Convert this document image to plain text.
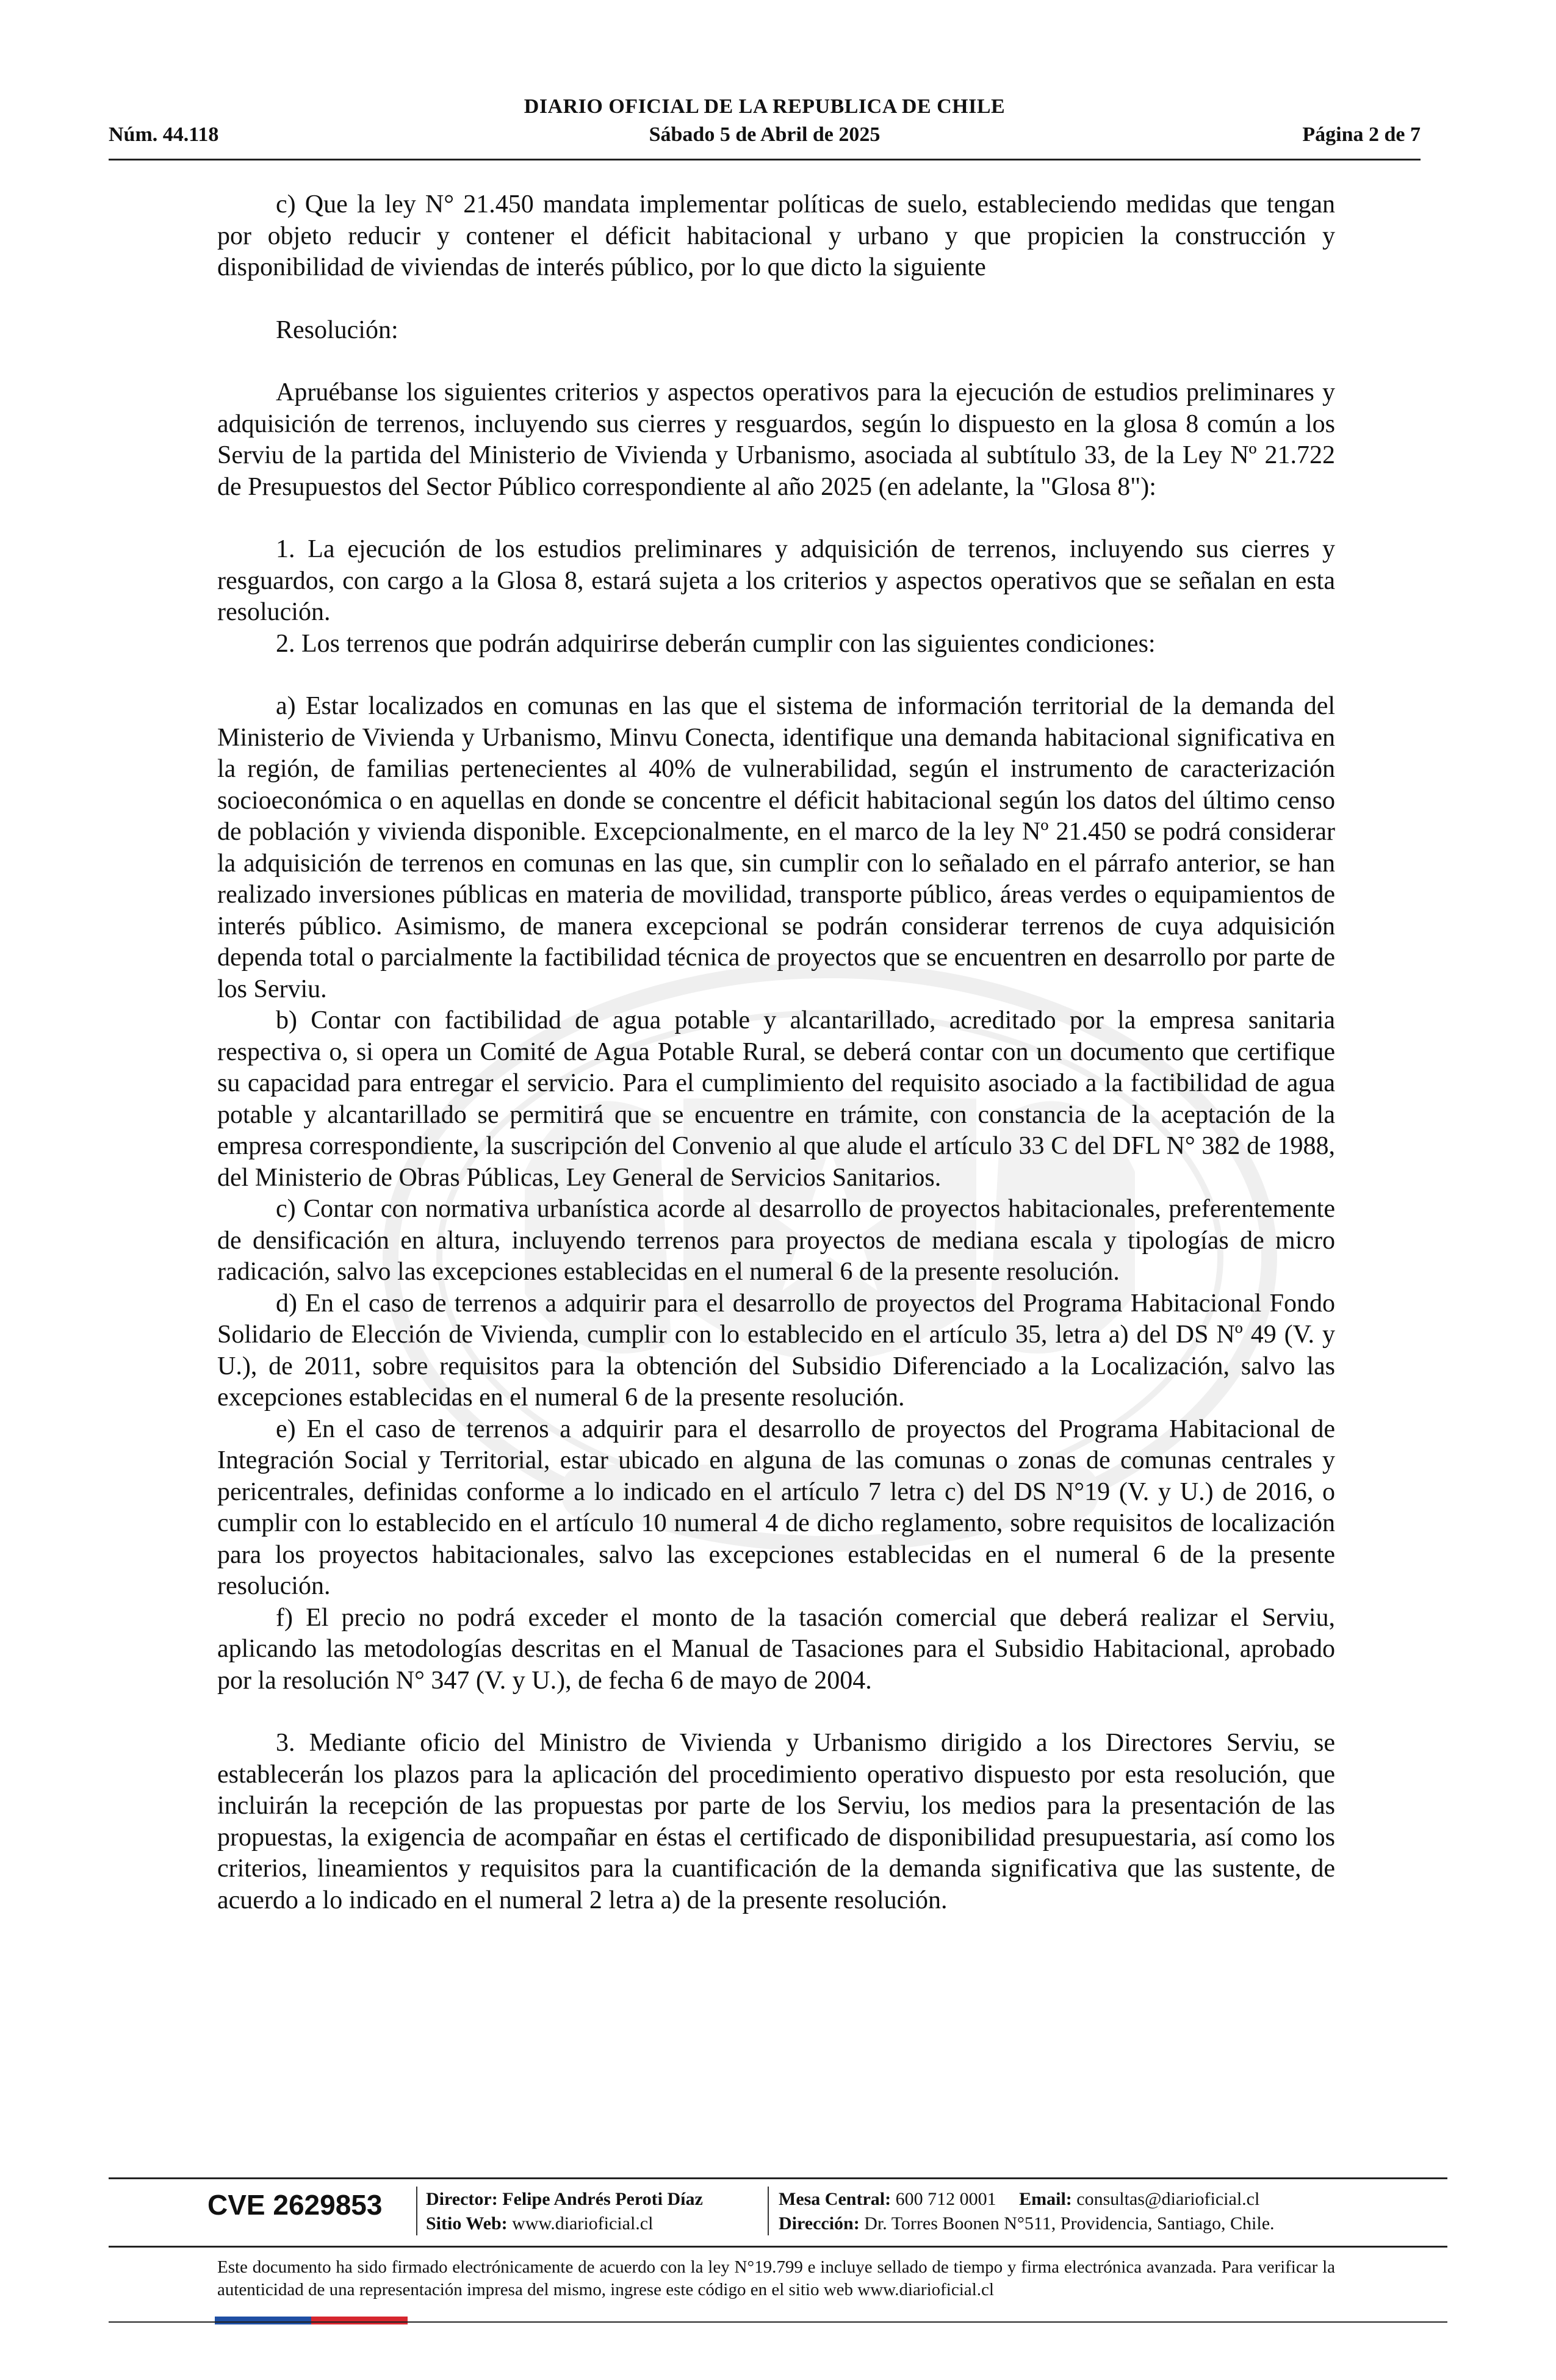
DIARIO OFICIAL DE LA REPUBLICA DE CHILE
Núm. 44.118	Sábado 5 de Abril de 2025	Página 2 de 7

c) Que la ley N° 21.450 mandata implementar políticas de suelo, estableciendo medidas que tengan por objeto reducir y contener el déficit habitacional y urbano y que propicien la construcción y disponibilidad de viviendas de interés público, por lo que dicto la siguiente

Resolución:

Apruébanse los siguientes criterios y aspectos operativos para la ejecución de estudios preliminares y adquisición de terrenos, incluyendo sus cierres y resguardos, según lo dispuesto en la glosa 8 común a los Serviu de la partida del Ministerio de Vivienda y Urbanismo, asociada al subtítulo 33, de la Ley Nº 21.722 de Presupuestos del Sector Público correspondiente al año 2025 (en adelante, la "Glosa 8"):

1. La ejecución de los estudios preliminares y adquisición de terrenos, incluyendo sus cierres y resguardos, con cargo a la Glosa 8, estará sujeta a los criterios y aspectos operativos que se señalan en esta resolución.

2. Los terrenos que podrán adquirirse deberán cumplir con las siguientes condiciones:

a) Estar localizados en comunas en las que el sistema de información territorial de la demanda del Ministerio de Vivienda y Urbanismo, Minvu Conecta, identifique una demanda habitacional significativa en la región, de familias pertenecientes al 40% de vulnerabilidad, según el instrumento de caracterización socioeconómica o en aquellas en donde se concentre el déficit habitacional según los datos del último censo de población y vivienda disponible. Excepcionalmente, en el marco de la ley Nº 21.450 se podrá considerar la adquisición de terrenos en comunas en las que, sin cumplir con lo señalado en el párrafo anterior, se han realizado inversiones públicas en materia de movilidad, transporte público, áreas verdes o equipamientos de interés público. Asimismo, de manera excepcional se podrán considerar terrenos de cuya adquisición dependa total o parcialmente la factibilidad técnica de proyectos que se encuentren en desarrollo por parte de los Serviu.

b) Contar con factibilidad de agua potable y alcantarillado, acreditado por la empresa sanitaria respectiva o, si opera un Comité de Agua Potable Rural, se deberá contar con un documento que certifique su capacidad para entregar el servicio. Para el cumplimiento del requisito asociado a la factibilidad de agua potable y alcantarillado se permitirá que se encuentre en trámite, con constancia de la aceptación de la empresa correspondiente, la suscripción del Convenio al que alude el artículo 33 C del DFL N° 382 de 1988, del Ministerio de Obras Públicas, Ley General de Servicios Sanitarios.

c) Contar con normativa urbanística acorde al desarrollo de proyectos habitacionales, preferentemente de densificación en altura, incluyendo terrenos para proyectos de mediana escala y tipologías de micro radicación, salvo las excepciones establecidas en el numeral 6 de la presente resolución.

d) En el caso de terrenos a adquirir para el desarrollo de proyectos del Programa Habitacional Fondo Solidario de Elección de Vivienda, cumplir con lo establecido en el artículo 35, letra a) del DS Nº 49 (V. y U.), de 2011, sobre requisitos para la obtención del Subsidio Diferenciado a la Localización, salvo las excepciones establecidas en el numeral 6 de la presente resolución.

e) En el caso de terrenos a adquirir para el desarrollo de proyectos del Programa Habitacional de Integración Social y Territorial, estar ubicado en alguna de las comunas o zonas de comunas centrales y pericentrales, definidas conforme a lo indicado en el artículo 7 letra c) del DS N°19 (V. y U.) de 2016, o cumplir con lo establecido en el artículo 10 numeral 4 de dicho reglamento, sobre requisitos de localización para los proyectos habitacionales, salvo las excepciones establecidas en el numeral 6 de la presente resolución.

f) El precio no podrá exceder el monto de la tasación comercial que deberá realizar el Serviu, aplicando las metodologías descritas en el Manual de Tasaciones para el Subsidio Habitacional, aprobado por la resolución N° 347 (V. y U.), de fecha 6 de mayo de 2004.

3. Mediante oficio del Ministro de Vivienda y Urbanismo dirigido a los Directores Serviu, se establecerán los plazos para la aplicación del procedimiento operativo dispuesto por esta resolución, que incluirán la recepción de las propuestas por parte de los Serviu, los medios para la presentación de las propuestas, la exigencia de acompañar en éstas el certificado de disponibilidad presupuestaria, así como los criterios, lineamientos y requisitos para la cuantificación de la demanda significativa que las sustente, de acuerdo a lo indicado en el numeral 2 letra a) de la presente resolución.

CVE 2629853 Director: Felipe Andrés Peroti Díaz
Sitio Web: www.diarioficial.cl
Mesa Central: 600 712 0001 Email: consultas@diarioficial.cl
Dirección: Dr. Torres Boonen N°511, Providencia, Santiago, Chile.
Este documento ha sido firmado electrónicamente de acuerdo con la ley N°19.799 e incluye sellado de tiempo y firma electrónica avanzada. Para verificar la autenticidad de una representación impresa del mismo, ingrese este código en el sitio web www.diarioficial.cl
